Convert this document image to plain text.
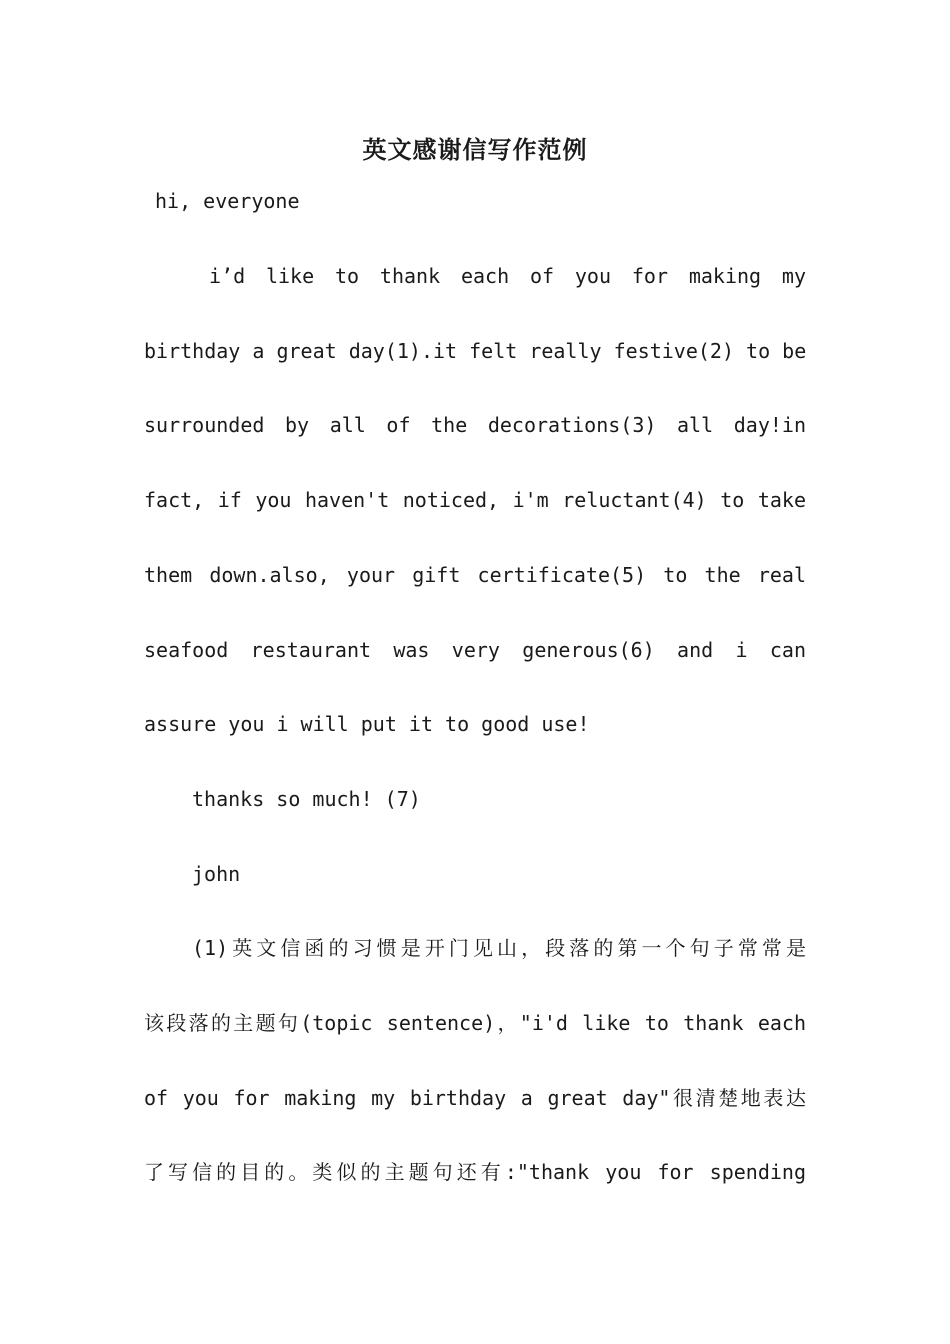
英文感谢信写作范例
hi, everyone
i’d like to thank each of you for making my
birthday a great day(1).it felt really festive(2) to be
surrounded by all of the decorations(3) all day!in
fact, if you haven't noticed, i'm reluctant(4) to take
them down.also, your gift certificate(5) to the real
seafood restaurant was very generous(6) and i can
assure you i will put it to good use!
thanks so much! (7)
john
(1)英文信函的习惯是开门见山，段落的第一个句子常常是
该段落的主题句(topic sentence)，"i'd like to thank each
of you for making my birthday a great day"很清楚地表达
了写信的目的。类似的主题句还有:"thank you for spending
